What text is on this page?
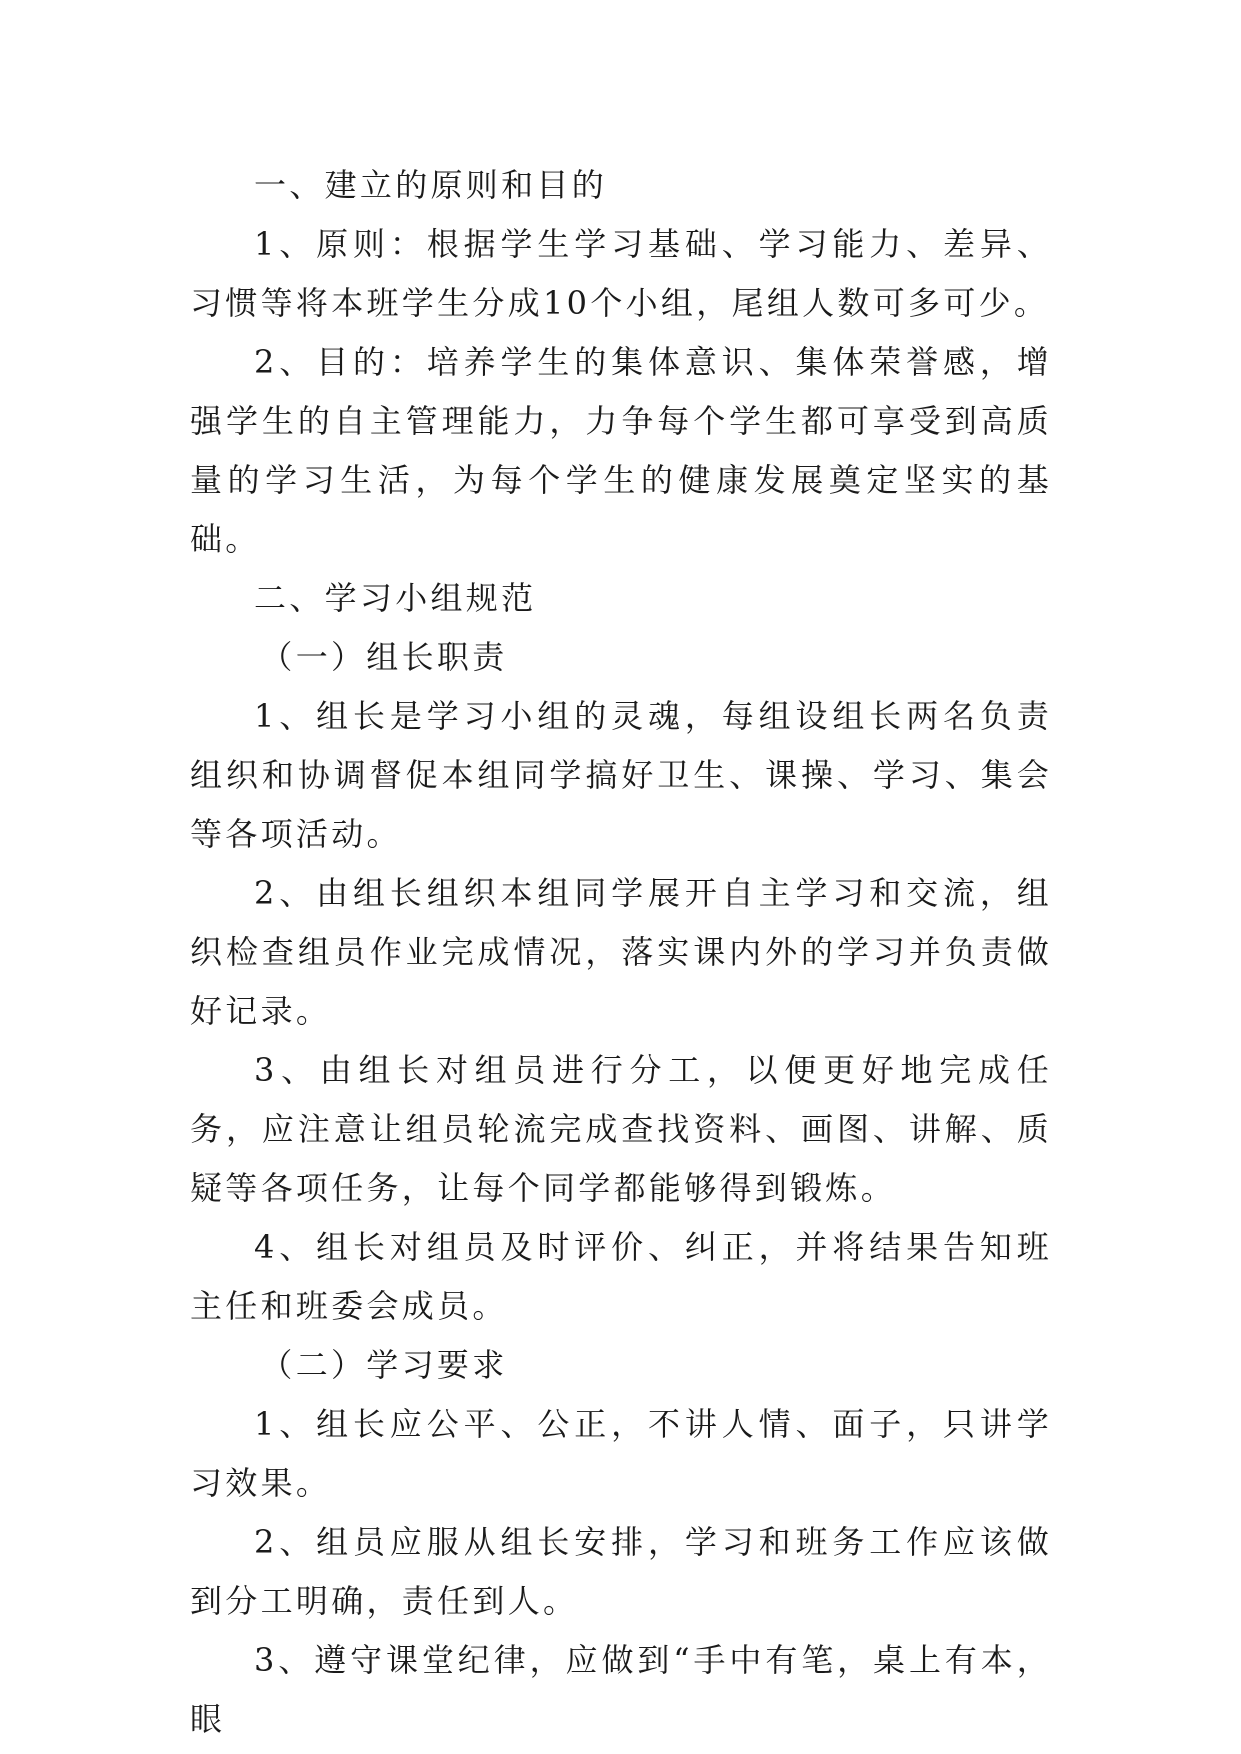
一、建立的原则和目的

1、原则：根据学生学习基础、学习能力、差异、习惯等将本班学生分成10个小组，尾组人数可多可少。

2、目的：培养学生的集体意识、集体荣誉感，增强学生的自主管理能力，力争每个学生都可享受到高质量的学习生活，为每个学生的健康发展奠定坚实的基础。

二、学习小组规范

（一）组长职责

1、组长是学习小组的灵魂，每组设组长两名负责组织和协调督促本组同学搞好卫生、课操、学习、集会等各项活动。

2、由组长组织本组同学展开自主学习和交流，组织检查组员作业完成情况，落实课内外的学习并负责做好记录。

3、由组长对组员进行分工，以便更好地完成任务，应注意让组员轮流完成查找资料、画图、讲解、质疑等各项任务，让每个同学都能够得到锻炼。

4、组长对组员及时评价、纠正，并将结果告知班主任和班委会成员。

（二）学习要求

1、组长应公平、公正，不讲人情、面子，只讲学习效果。

2、组员应服从组长安排，学习和班务工作应该做到分工明确，责任到人。

3、遵守课堂纪律，应做到“手中有笔，桌上有本，眼
